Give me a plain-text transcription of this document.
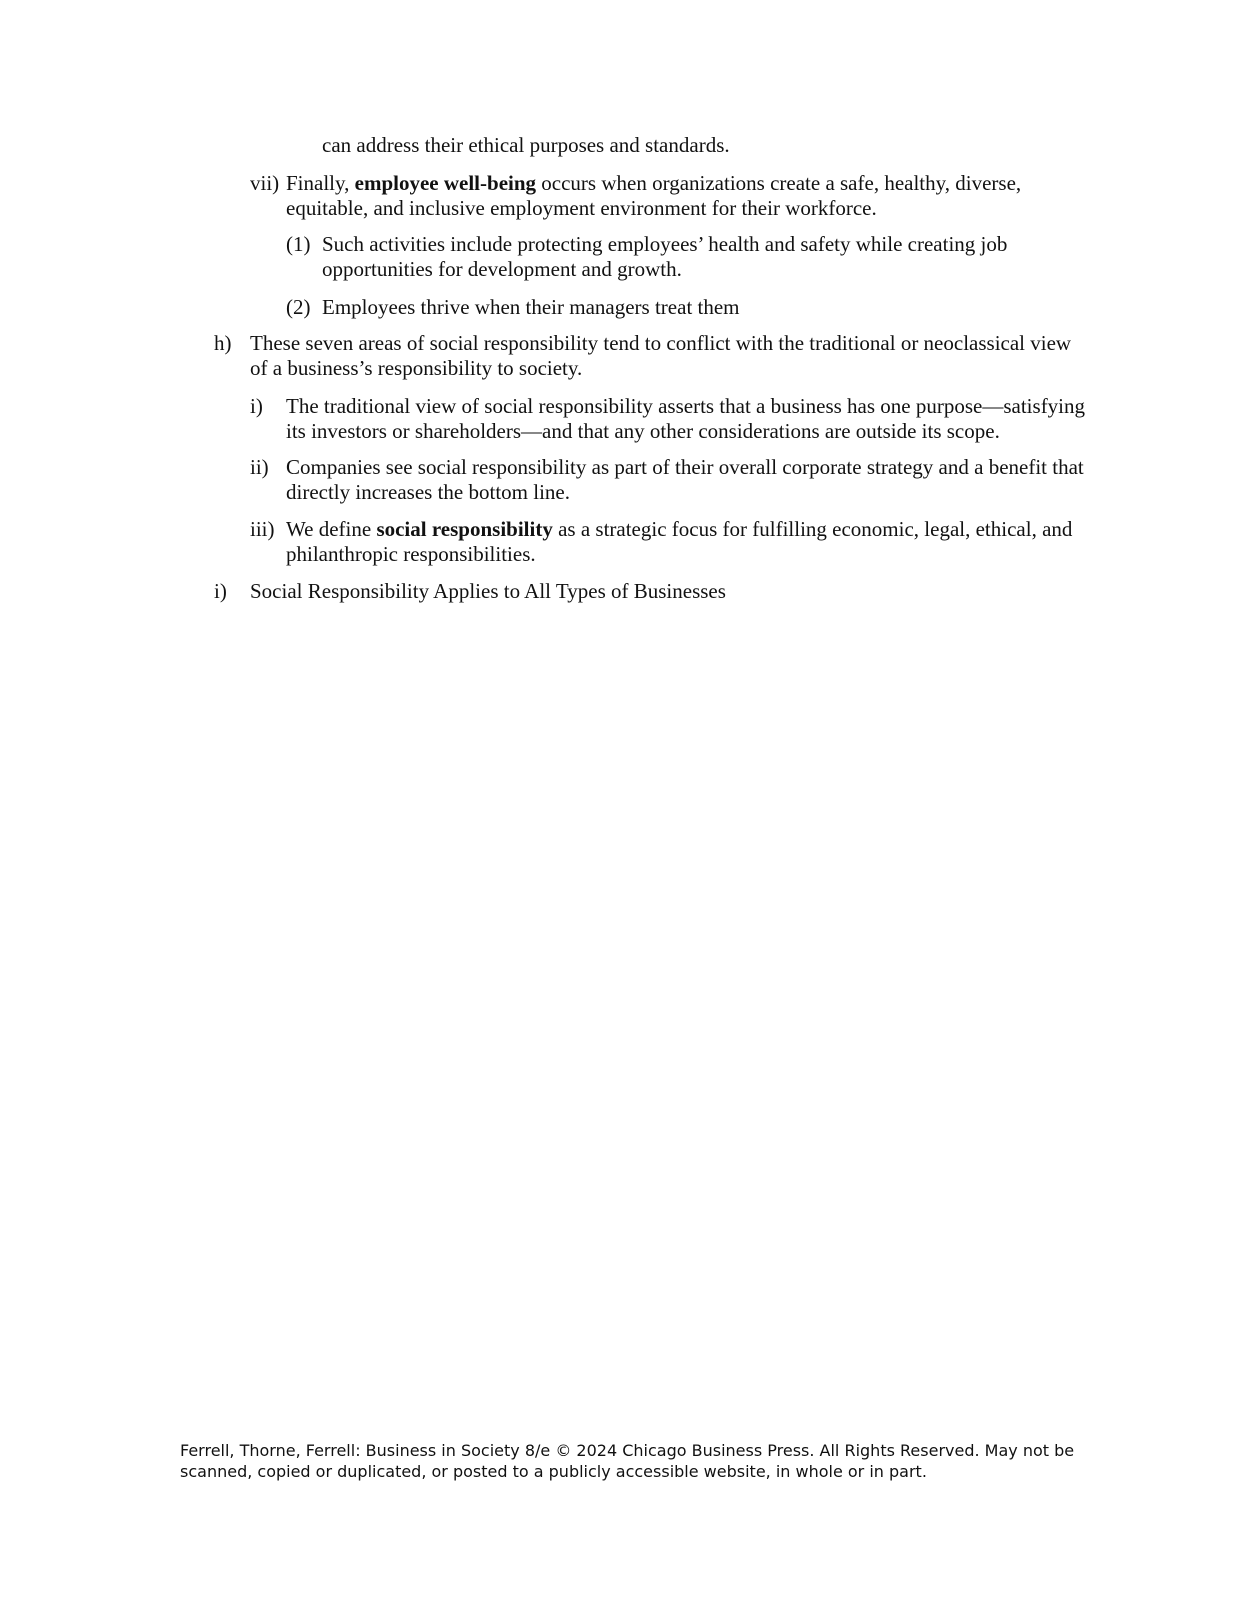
can address their ethical purposes and standards.
vii) Finally, employee well-being occurs when organizations create a safe, healthy, diverse,
equitable, and inclusive employment environment for their workforce.
(1) Such activities include protecting employees’ health and safety while creating job
opportunities for development and growth.
(2) Employees thrive when their managers treat them
h) These seven areas of social responsibility tend to conflict with the traditional or neoclassical view
of a business’s responsibility to society.
i) The traditional view of social responsibility asserts that a business has one purpose—satisfying
its investors or shareholders—and that any other considerations are outside its scope.
ii) Companies see social responsibility as part of their overall corporate strategy and a benefit that
directly increases the bottom line.
iii) We define social responsibility as a strategic focus for fulfilling economic, legal, ethical, and
philanthropic responsibilities.
i) Social Responsibility Applies to All Types of Businesses
Ferrell, Thorne, Ferrell: Business in Society 8/e © 2024 Chicago Business Press. All Rights Reserved. May not be
scanned, copied or duplicated, or posted to a publicly accessible website, in whole or in part.
